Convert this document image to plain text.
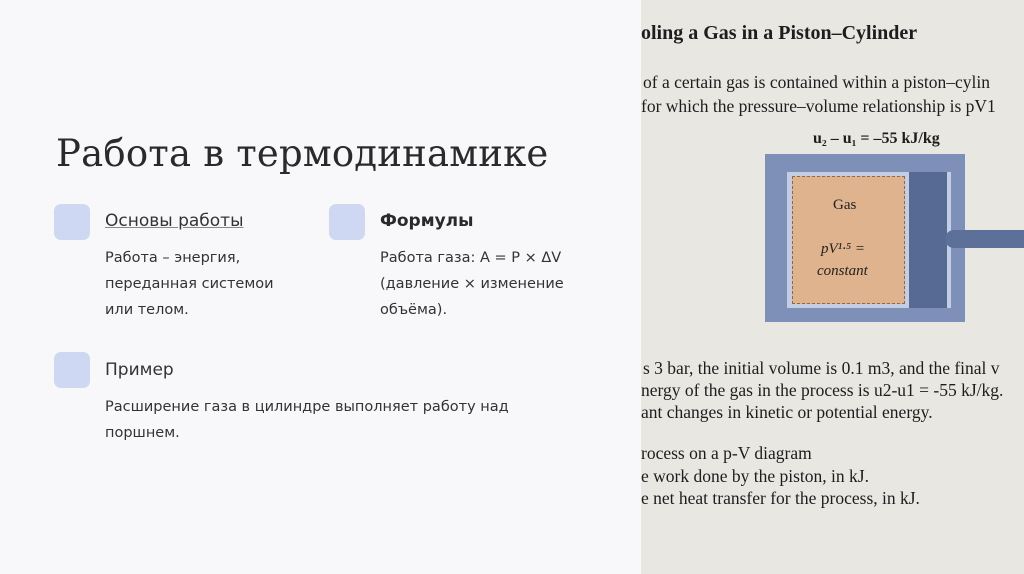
Работа в термодинамике
Основы работы

Работа – энергия, переданная системои или телом.

Формулы

Работа газа: A = P × ΔV (давление × изменение объёма).

Пример

Расширение газа в цилиндре выполняет работу над поршнем.

oling a Gas in a Piston–Cylinder
of a certain gas is contained within a piston–cylin
for which the pressure–volume relationship is pV1
u₂ – u₁ = –55 kJ/kg
Gas
pV¹·⁵ =
constant
s 3 bar, the initial volume is 0.1 m3, and the final v
nergy of the gas in the process is u2-u1 = -55 kJ/kg.
ant changes in kinetic or potential energy.
rocess on a p-V diagram
e work done by the piston, in kJ.
e net heat transfer for the process, in kJ.
